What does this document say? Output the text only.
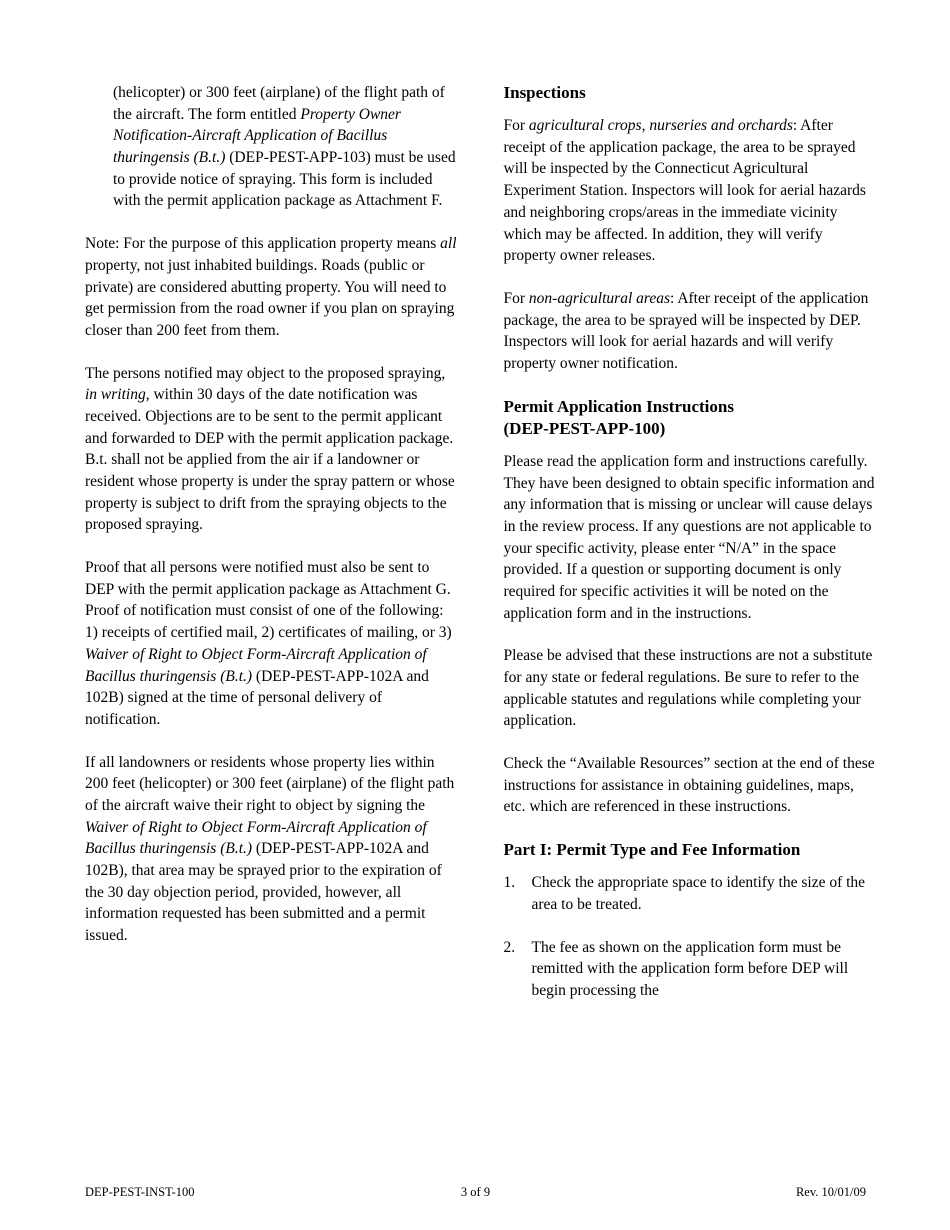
(helicopter) or 300 feet (airplane) of the flight path of the aircraft. The form entitled Property Owner Notification-Aircraft Application of Bacillus thuringensis (B.t.) (DEP-PEST-APP-103) must be used to provide notice of spraying. This form is included with the permit application package as Attachment F.

Note: For the purpose of this application property means all property, not just inhabited buildings. Roads (public or private) are considered abutting property. You will need to get permission from the road owner if you plan on spraying closer than 200 feet from them.

The persons notified may object to the proposed spraying, in writing, within 30 days of the date notification was received. Objections are to be sent to the permit applicant and forwarded to DEP with the permit application package. B.t. shall not be applied from the air if a landowner or resident whose property is under the spray pattern or whose property is subject to drift from the spraying objects to the proposed spraying.

Proof that all persons were notified must also be sent to DEP with the permit application package as Attachment G. Proof of notification must consist of one of the following: 1) receipts of certified mail, 2) certificates of mailing, or 3) Waiver of Right to Object Form-Aircraft Application of Bacillus thuringensis (B.t.) (DEP-PEST-APP-102A and 102B) signed at the time of personal delivery of notification.

If all landowners or residents whose property lies within 200 feet (helicopter) or 300 feet (airplane) of the flight path of the aircraft waive their right to object by signing the Waiver of Right to Object Form-Aircraft Application of Bacillus thuringensis (B.t.) (DEP-PEST-APP-102A and 102B), that area may be sprayed prior to the expiration of the 30 day objection period, provided, however, all information requested has been submitted and a permit issued.

Inspections

For agricultural crops, nurseries and orchards: After receipt of the application package, the area to be sprayed will be inspected by the Connecticut Agricultural Experiment Station. Inspectors will look for aerial hazards and neighboring crops/areas in the immediate vicinity which may be affected. In addition, they will verify property owner releases.

For non-agricultural areas: After receipt of the application package, the area to be sprayed will be inspected by DEP. Inspectors will look for aerial hazards and will verify property owner notification.

Permit Application Instructions
(DEP-PEST-APP-100)

Please read the application form and instructions carefully. They have been designed to obtain specific information and any information that is missing or unclear will cause delays in the review process. If any questions are not applicable to your specific activity, please enter “N/A” in the space provided. If a question or supporting document is only required for specific activities it will be noted on the application form and in the instructions.

Please be advised that these instructions are not a substitute for any state or federal regulations. Be sure to refer to the applicable statutes and regulations while completing your application.

Check the “Available Resources” section at the end of these instructions for assistance in obtaining guidelines, maps, etc. which are referenced in these instructions.

Part I: Permit Type and Fee Information
1.	Check the appropriate space to identify the size of the area to be treated.
2.	The fee as shown on the application form must be remitted with the application form before DEP will begin processing the
DEP-PEST-INST-100	3 of 9	Rev. 10/01/09
